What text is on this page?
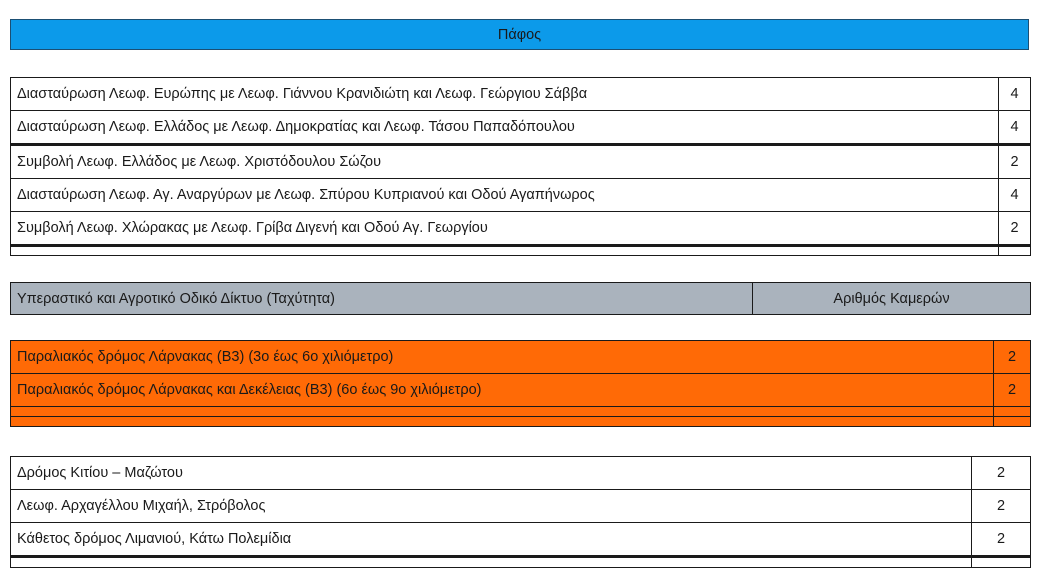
Πάφος
Διασταύρωση Λεωφ. Ευρώπης με Λεωφ. Γιάννου Κρανιδιώτη και Λεωφ. Γεώργιου Σάββα	4
Διασταύρωση Λεωφ. Ελλάδος με Λεωφ. Δημοκρατίας και Λεωφ. Τάσου Παπαδόπουλου	4
Συμβολή Λεωφ. Ελλάδος με Λεωφ. Χριστόδουλου Σώζου	2
Διασταύρωση Λεωφ. Αγ. Αναργύρων με Λεωφ. Σπύρου Κυπριανού και Οδού Αγαπήνωρος	4
Συμβολή Λεωφ. Χλώρακας με Λεωφ. Γρίβα Διγενή και Οδού Αγ. Γεωργίου	2

Υπεραστικό και Αγροτικό Οδικό Δίκτυο (Ταχύτητα)	Αριθμός Καμερών
Παραλιακός δρόμος Λάρνακας (Β3) (3ο έως 6ο χιλιόμετρο)	2
Παραλιακός δρόμος Λάρνακας και Δεκέλειας (Β3) (6ο έως 9ο χιλιόμετρο)	2

Δρόμος Κιτίου – Μαζώτου	2
Λεωφ. Αρχαγέλλου Μιχαήλ, Στρόβολος	2
Κάθετος δρόμος Λιμανιού, Κάτω Πολεμίδια	2
